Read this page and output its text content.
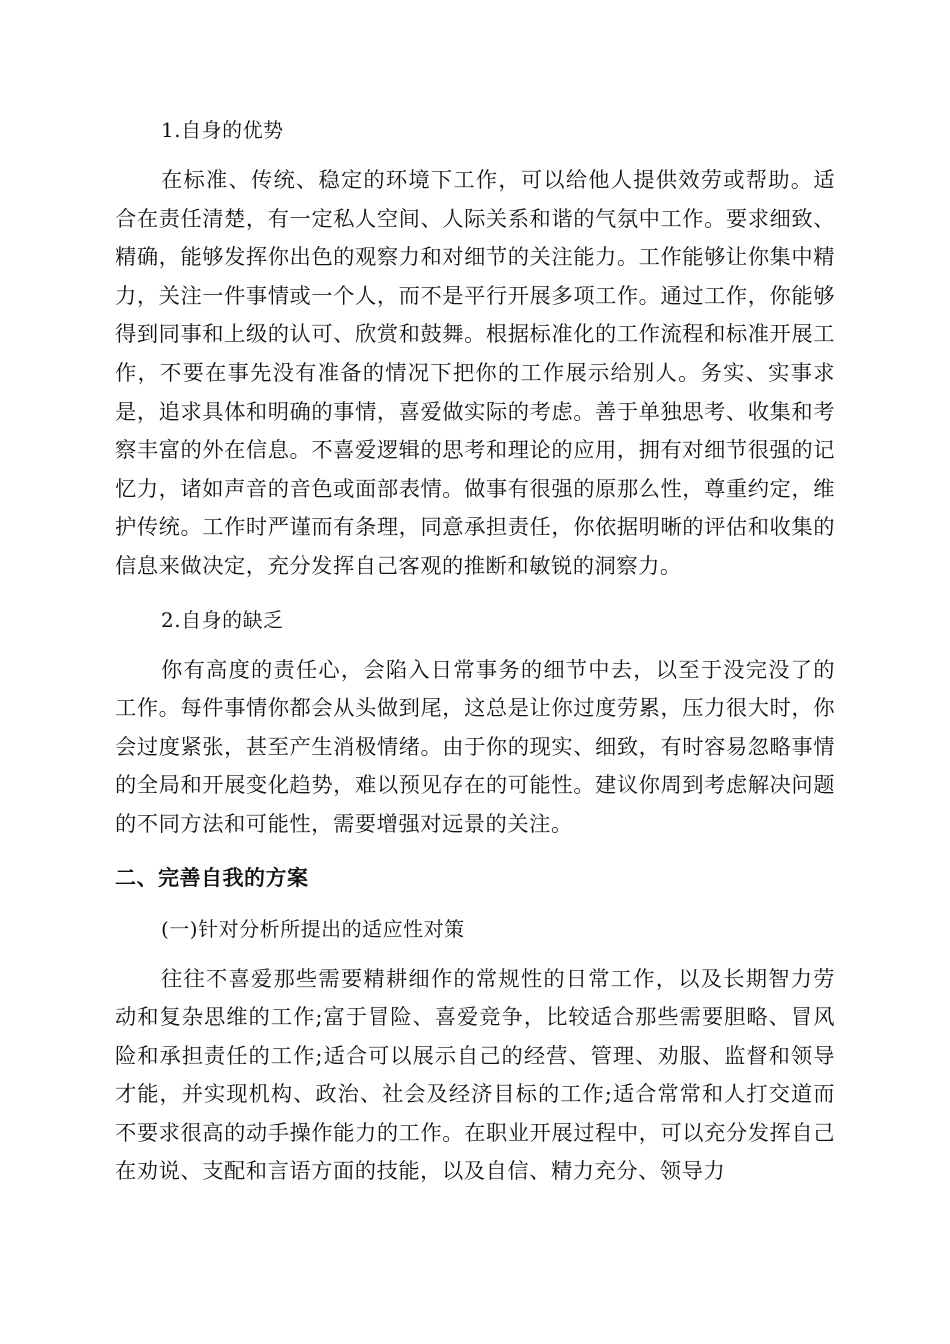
1.自身的优势

在标准、传统、稳定的环境下工作，可以给他人提供效劳或帮助。适合在责任清楚，有一定私人空间、人际关系和谐的气氛中工作。要求细致、精确，能够发挥你出色的观察力和对细节的关注能力。工作能够让你集中精力，关注一件事情或一个人，而不是平行开展多项工作。通过工作，你能够得到同事和上级的认可、欣赏和鼓舞。根据标准化的工作流程和标准开展工作，不要在事先没有准备的情况下把你的工作展示给别人。务实、实事求是，追求具体和明确的事情，喜爱做实际的考虑。善于单独思考、收集和考察丰富的外在信息。不喜爱逻辑的思考和理论的应用，拥有对细节很强的记忆力，诸如声音的音色或面部表情。做事有很强的原那么性，尊重约定，维护传统。工作时严谨而有条理，同意承担责任，你依据明晰的评估和收集的信息来做决定，充分发挥自己客观的推断和敏锐的洞察力。

2.自身的缺乏

你有高度的责任心，会陷入日常事务的细节中去，以至于没完没了的工作。每件事情你都会从头做到尾，这总是让你过度劳累，压力很大时，你会过度紧张，甚至产生消极情绪。由于你的现实、细致，有时容易忽略事情的全局和开展变化趋势，难以预见存在的可能性。建议你周到考虑解决问题的不同方法和可能性，需要增强对远景的关注。

二、完善自我的方案

(一)针对分析所提出的适应性对策

往往不喜爱那些需要精耕细作的常规性的日常工作，以及长期智力劳动和复杂思维的工作;富于冒险、喜爱竞争，比较适合那些需要胆略、冒风险和承担责任的工作;适合可以展示自己的经营、管理、劝服、监督和领导才能，并实现机构、政治、社会及经济目标的工作;适合常常和人打交道而不要求很高的动手操作能力的工作。在职业开展过程中，可以充分发挥自己在劝说、支配和言语方面的技能，以及自信、精力充分、领导力
